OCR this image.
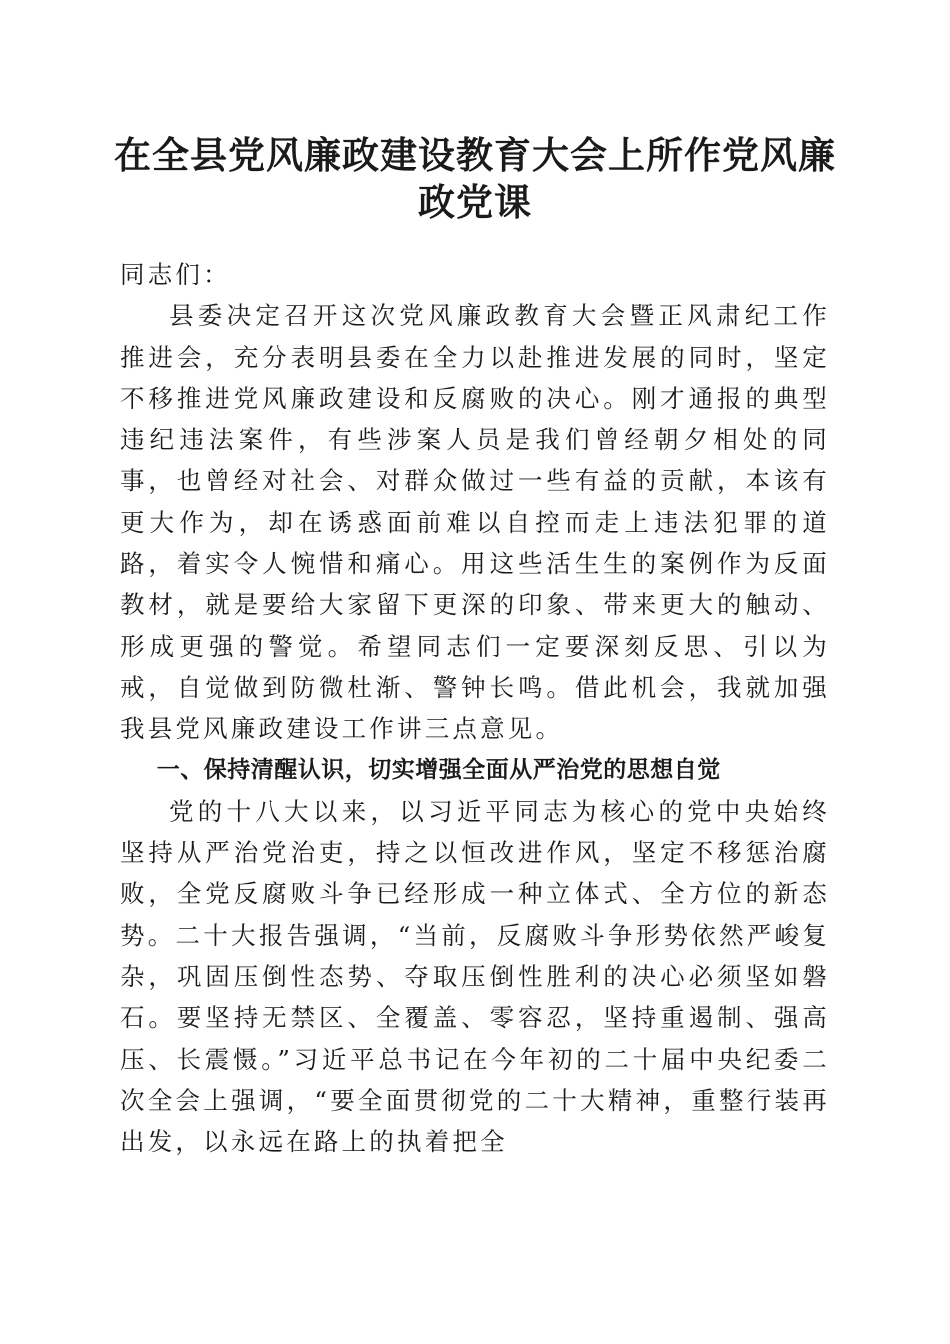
在全县党风廉政建设教育大会上所作党风廉政党课

同志们：

县委决定召开这次党风廉政教育大会暨正风肃纪工作推进会，充分表明县委在全力以赴推进发展的同时，坚定不移推进党风廉政建设和反腐败的决心。刚才通报的典型违纪违法案件，有些涉案人员是我们曾经朝夕相处的同事，也曾经对社会、对群众做过一些有益的贡献，本该有更大作为，却在诱惑面前难以自控而走上违法犯罪的道路，着实令人惋惜和痛心。用这些活生生的案例作为反面教材，就是要给大家留下更深的印象、带来更大的触动、形成更强的警觉。希望同志们一定要深刻反思、引以为戒，自觉做到防微杜渐、警钟长鸣。借此机会，我就加强我县党风廉政建设工作讲三点意见。

一、保持清醒认识，切实增强全面从严治党的思想自觉

党的十八大以来，以习近平同志为核心的党中央始终坚持从严治党治吏，持之以恒改进作风，坚定不移惩治腐败，全党反腐败斗争已经形成一种立体式、全方位的新态势。二十大报告强调，“当前，反腐败斗争形势依然严峻复杂，巩固压倒性态势、夺取压倒性胜利的决心必须坚如磐石。要坚持无禁区、全覆盖、零容忍，坚持重遏制、强高压、长震慑。”习近平总书记在今年初的二十届中央纪委二次全会上强调，“要全面贯彻党的二十大精神，重整行装再出发，以永远在路上的执着把全
